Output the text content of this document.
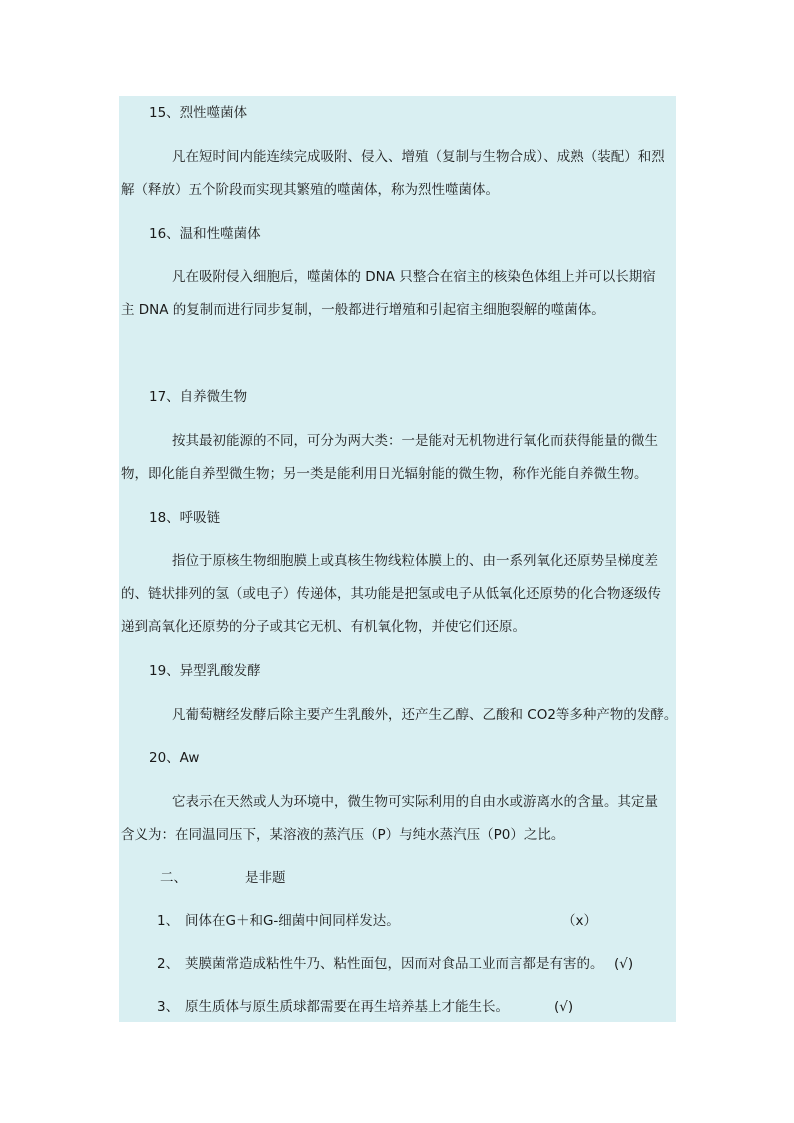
15、烈性噬菌体
凡在短时间内能连续完成吸附、侵入、增殖（复制与生物合成）、成熟（装配）和烈
解（释放）五个阶段而实现其繁殖的噬菌体，称为烈性噬菌体。
16、温和性噬菌体
凡在吸附侵入细胞后，噬菌体的 DNA 只整合在宿主的核染色体组上并可以长期宿
主 DNA 的复制而进行同步复制，一般都进行增殖和引起宿主细胞裂解的噬菌体。
17、自养微生物
按其最初能源的不同，可分为两大类：一是能对无机物进行氧化而获得能量的微生
物，即化能自养型微生物；另一类是能利用日光辐射能的微生物，称作光能自养微生物。
18、呼吸链
指位于原核生物细胞膜上或真核生物线粒体膜上的、由一系列氧化还原势呈梯度差
的、链状排列的氢（或电子）传递体，其功能是把氢或电子从低氧化还原势的化合物逐级传
递到高氧化还原势的分子或其它无机、有机氧化物，并使它们还原。
19、异型乳酸发酵
凡葡萄糖经发酵后除主要产生乳酸外，还产生乙醇、乙酸和 CO2等多种产物的发酵。
20、Aw
它表示在天然或人为环境中，微生物可实际利用的自由水或游离水的含量。其定量
含义为：在同温同压下，某溶液的蒸汽压（P）与纯水蒸汽压（P0）之比。
二、	是非题
1、 间体在G＋和G-细菌中间同样发达。	（x）
2、 荚膜菌常造成粘性牛乃、粘性面包，因而对食品工业而言都是有害的。 (√)
3、 原生质体与原生质球都需要在再生培养基上才能生长。	(√)
